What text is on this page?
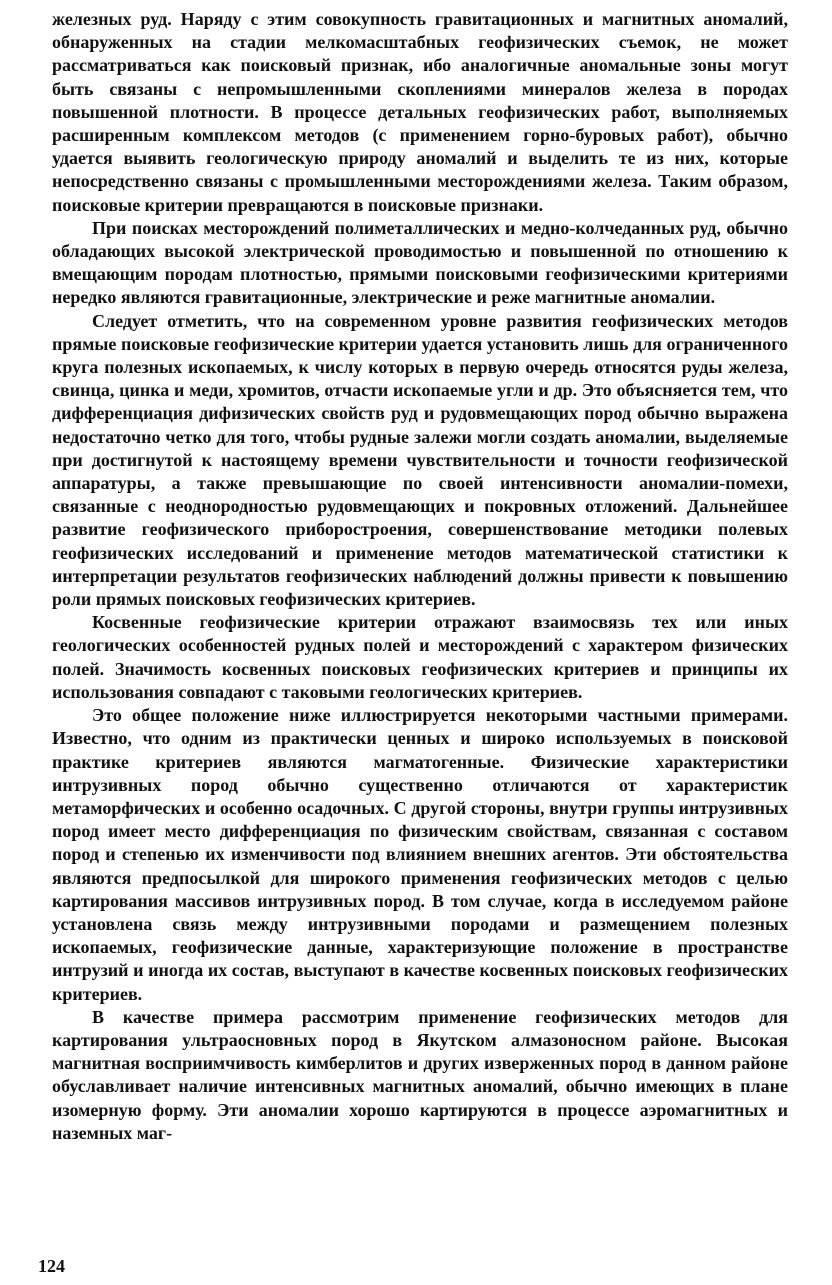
железных руд. Наряду с этим совокупность гравитационных и магнитных аномалий, обнаруженных на стадии мелкомасштабных геофизических съемок, не может рассматриваться как поисковый признак, ибо аналогичные аномальные зоны могут быть связаны с непромышленными скоплениями минералов железа в породах повышенной плотности. В процессе детальных геофизических работ, выполняемых расширенным комплексом методов (с применением горно-буровых работ), обычно удается выявить геологическую природу аномалий и выделить те из них, которые непосредственно связаны с промышленными месторождениями железа. Таким образом, поисковые критерии превращаются в поисковые признаки.

При поисках месторождений полиметаллических и медно-колчеданных руд, обычно обладающих высокой электрической проводимостью и повышенной по отношению к вмещающим породам плотностью, прямыми поисковыми геофизическими критериями нередко являются гравитационные, электрические и реже магнитные аномалии.

Следует отметить, что на современном уровне развития геофизических методов прямые поисковые геофизические критерии удается установить лишь для ограниченного круга полезных ископаемых, к числу которых в первую очередь относятся руды железа, свинца, цинка и меди, хромитов, отчасти ископаемые угли и др. Это объясняется тем, что дифференциация дифизических свойств руд и рудовмещающих пород обычно выражена недостаточно четко для того, чтобы рудные залежи могли создать аномалии, выделяемые при достигнутой к настоящему времени чувствительности и точности геофизической аппаратуры, а также превышающие по своей интенсивности аномалии-помехи, связанные с неоднородностью рудовмещающих и покровных отложений. Дальнейшее развитие геофизического приборостроения, совершенствование методики полевых геофизических исследований и применение методов математической статистики к интерпретации результатов геофизических наблюдений должны привести к повышению роли прямых поисковых геофизических критериев.

Косвенные геофизические критерии отражают взаимосвязь тех или иных геологических особенностей рудных полей и месторождений с характером физических полей. Значимость косвенных поисковых геофизических критериев и принципы их использования совпадают с таковыми геологических критериев.

Это общее положение ниже иллюстрируется некоторыми частными примерами. Известно, что одним из практически ценных и широко используемых в поисковой практике критериев являются магматогенные. Физические характеристики интрузивных пород обычно существенно отличаются от характеристик метаморфических и особенно осадочных. С другой стороны, внутри группы интрузивных пород имеет место дифференциация по физическим свойствам, связанная с составом пород и степенью их изменчивости под влиянием внешних агентов. Эти обстоятельства являются предпосылкой для широкого применения геофизических методов с целью картирования массивов интрузивных пород. В том случае, когда в исследуемом районе установлена связь между интрузивными породами и размещением полезных ископаемых, геофизические данные, характеризующие положение в пространстве интрузий и иногда их состав, выступают в качестве косвенных поисковых геофизических критериев.

В качестве примера рассмотрим применение геофизических методов для картирования ультраосновных пород в Якутском алмазоносном районе. Высокая магнитная восприимчивость кимберлитов и других изверженных пород в данном районе обуславливает наличие интенсивных магнитных аномалий, обычно имеющих в плане изомерную форму. Эти аномалии хорошо картируются в процессе аэромагнитных и наземных маг-

124
